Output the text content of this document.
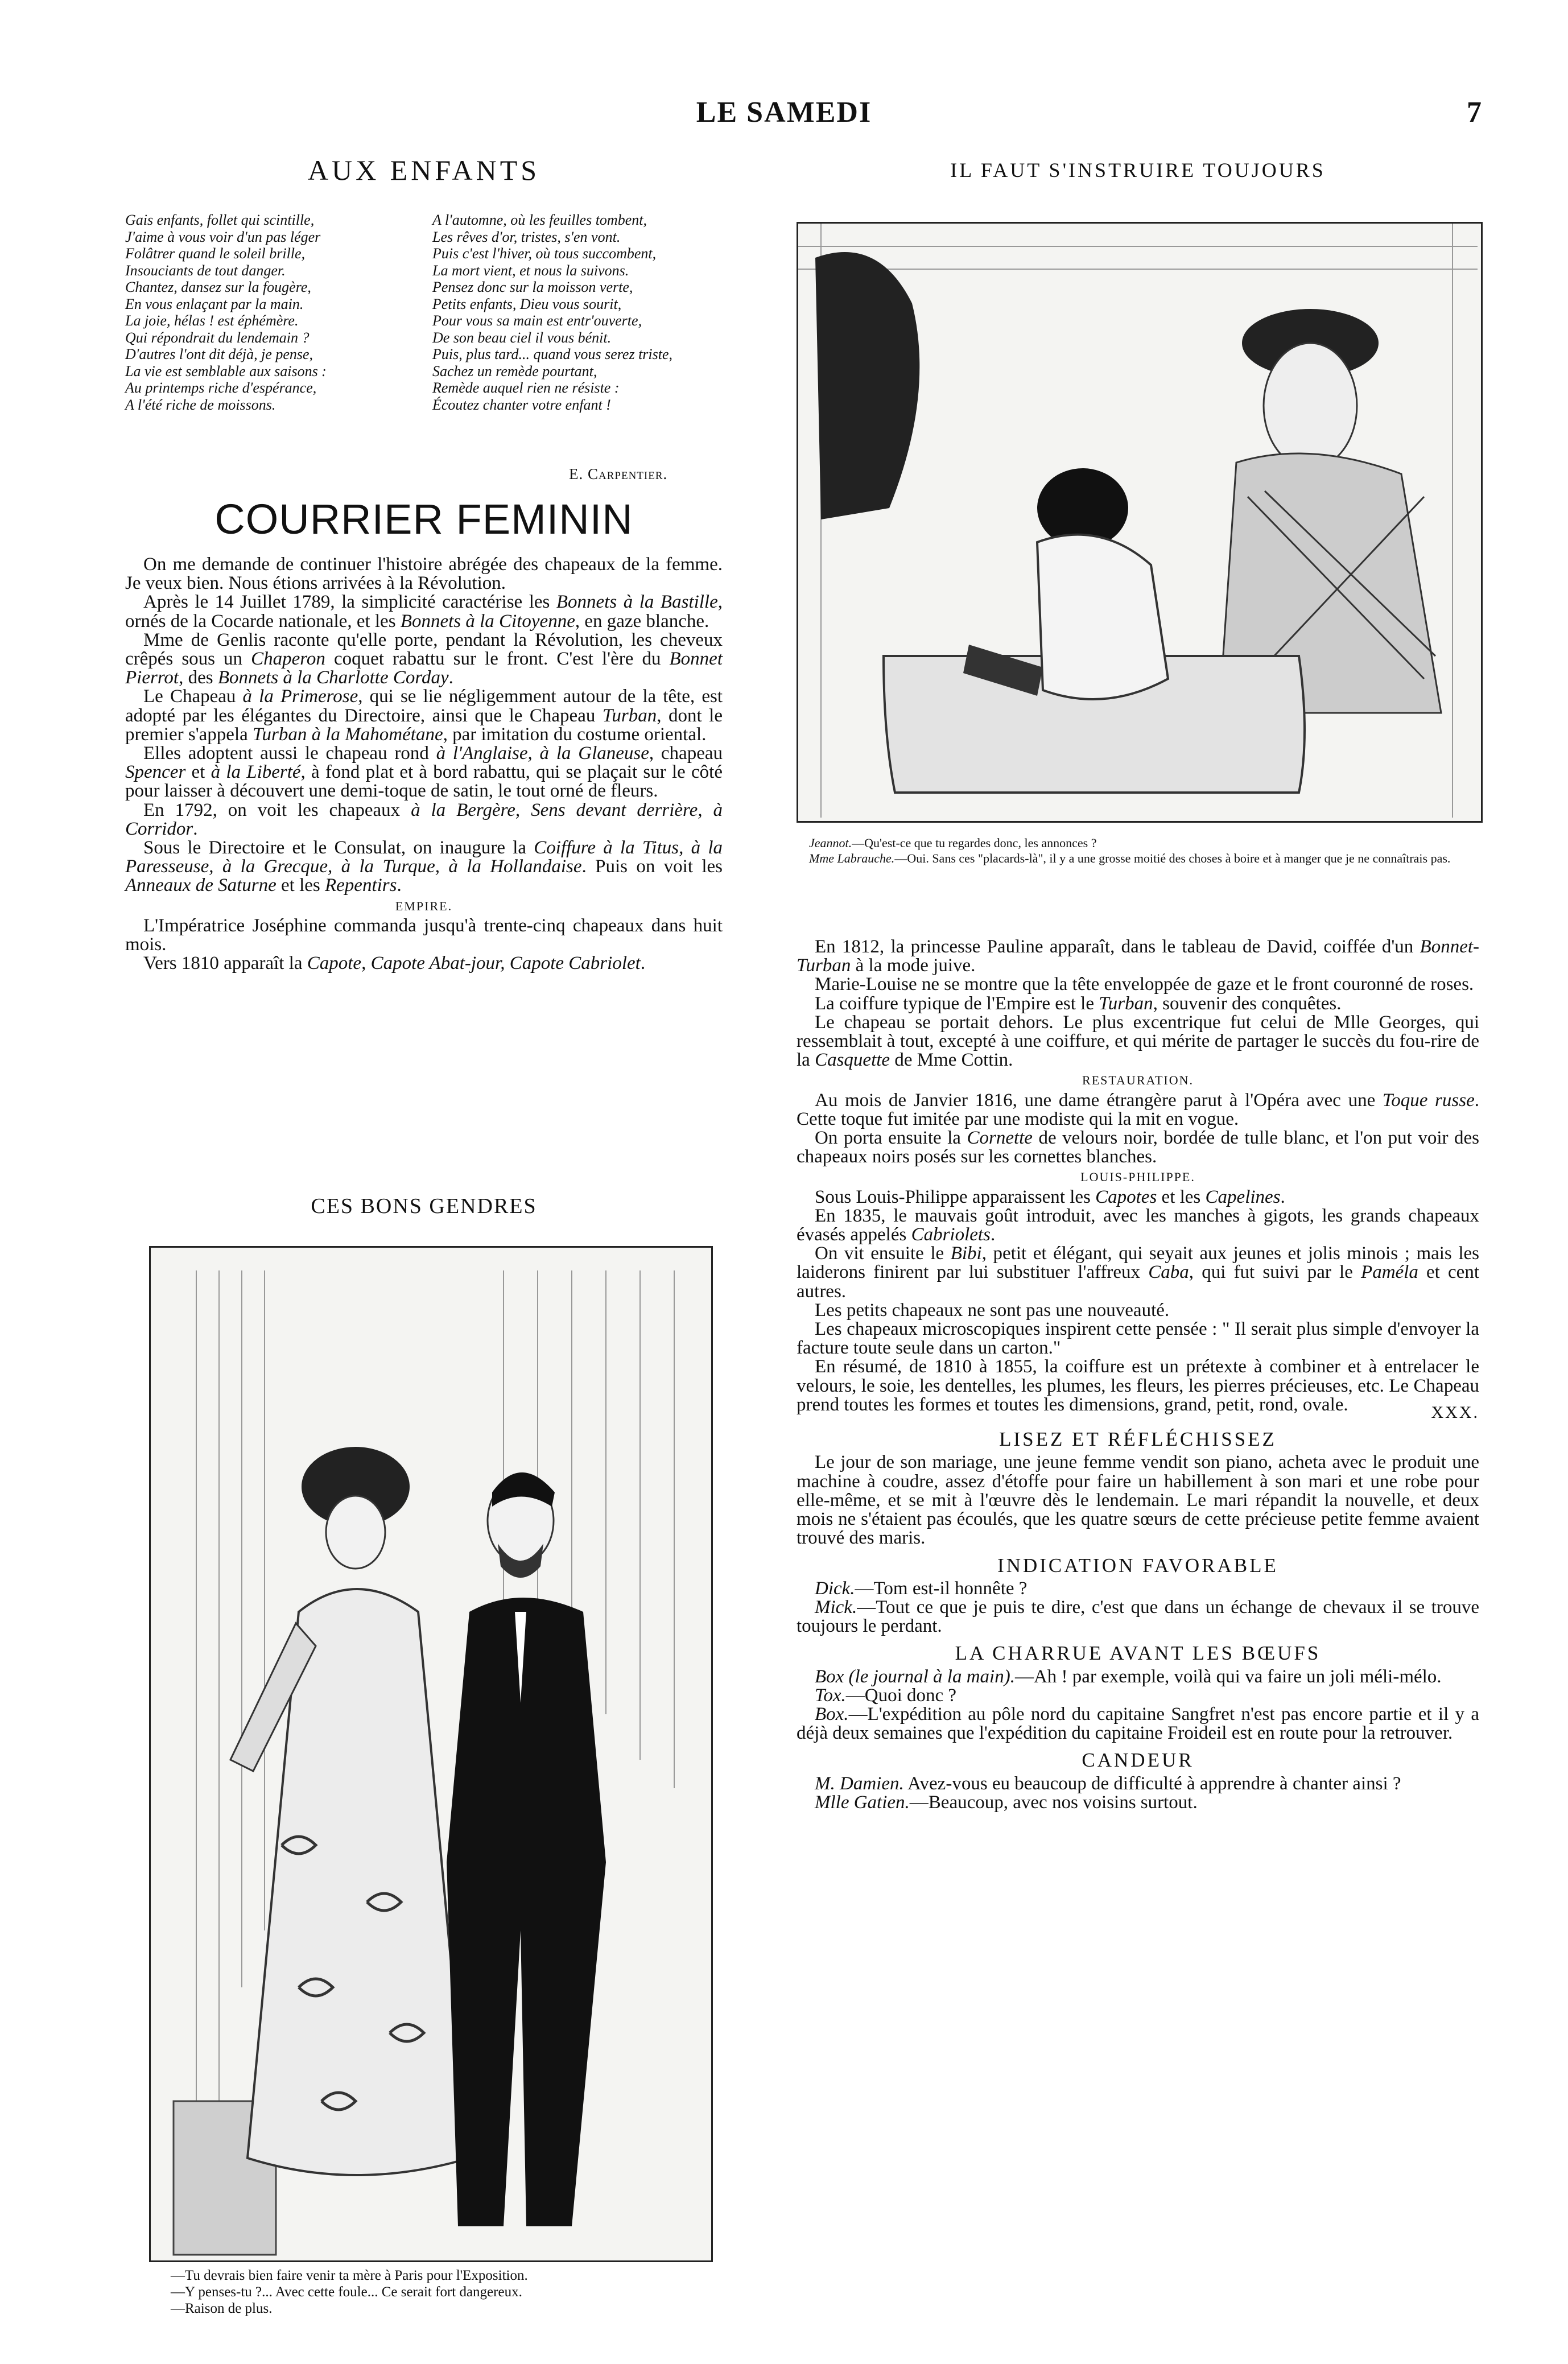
LE SAMEDI	7
AUX ENFANTS
Gais enfants, follet qui scintille,
J'aime à vous voir d'un pas léger
Folâtrer quand le soleil brille,
Insouciants de tout danger.
Chantez, dansez sur la fougère,
En vous enlaçant par la main.
La joie, hélas ! est éphémère.
Qui répondrait du lendemain ?
D'autres l'ont dit déjà, je pense,
La vie est semblable aux saisons :
Au printemps riche d'espérance,
A l'été riche de moissons.
A l'automne, où les feuilles tombent,
Les rêves d'or, tristes, s'en vont.
Puis c'est l'hiver, où tous succombent,
La mort vient, et nous la suivons.
Pensez donc sur la moisson verte,
Petits enfants, Dieu vous sourit,
Pour vous sa main est entr'ouverte,
De son beau ciel il vous bénit.
Puis, plus tard... quand vous serez triste,
Sachez un remède pourtant,
Remède auquel rien ne résiste :
Écoutez chanter votre enfant !
E. Carpentier.
COURRIER FEMININ

On me demande de continuer l'histoire abrégée des chapeaux de la femme. Je veux bien. Nous étions arrivées à la Révolution.

Après le 14 Juillet 1789, la simplicité caractérise les Bonnets à la Bastille, ornés de la Cocarde nationale, et les Bonnets à la Citoyenne, en gaze blanche.

Mme de Genlis raconte qu'elle porte, pendant la Révolution, les cheveux crêpés sous un Chaperon coquet rabattu sur le front. C'est l'ère du Bonnet Pierrot, des Bonnets à la Charlotte Corday.

Le Chapeau à la Primerose, qui se lie négligemment autour de la tête, est adopté par les élégantes du Directoire, ainsi que le Chapeau Turban, dont le premier s'appela Turban à la Mahométane, par imitation du costume oriental.

Elles adoptent aussi le chapeau rond à l'Anglaise, à la Glaneuse, chapeau Spencer et à la Liberté, à fond plat et à bord rabattu, qui se plaçait sur le côté pour laisser à découvert une demi-toque de satin, le tout orné de fleurs.

En 1792, on voit les chapeaux à la Bergère, Sens devant derrière, à Corridor.

Sous le Directoire et le Consulat, on inaugure la Coiffure à la Titus, à la Paresseuse, à la Grecque, à la Turque, à la Hollandaise. Puis on voit les Anneaux de Saturne et les Repentirs.

EMPIRE.

L'Impératrice Joséphine commanda jusqu'à trente-cinq chapeaux dans huit mois.

Vers 1810 apparaît la Capote, Capote Abat-jour, Capote Cabriolet.

CES BONS GENDRES
—Tu devrais bien faire venir ta mère à Paris pour l'Exposition.
—Y penses-tu ?... Avec cette foule... Ce serait fort dangereux.
—Raison de plus.
IL FAUT S'INSTRUIRE TOUJOURS

Jeannot.—Qu'est-ce que tu regardes donc, les annonces ?

Mme Labrauche.—Oui. Sans ces "placards-là", il y a une grosse moitié des choses à boire et à manger que je ne connaîtrais pas.

En 1812, la princesse Pauline apparaît, dans le tableau de David, coiffée d'un Bonnet-Turban à la mode juive.

Marie-Louise ne se montre que la tête enveloppée de gaze et le front couronné de roses.

La coiffure typique de l'Empire est le Turban, souvenir des conquêtes.

Le chapeau se portait dehors. Le plus excentrique fut celui de Mlle Georges, qui ressemblait à tout, excepté à une coiffure, et qui mérite de partager le succès du fou-rire de la Casquette de Mme Cottin.

RESTAURATION.

Au mois de Janvier 1816, une dame étrangère parut à l'Opéra avec une Toque russe. Cette toque fut imitée par une modiste qui la mit en vogue.

On porta ensuite la Cornette de velours noir, bordée de tulle blanc, et l'on put voir des chapeaux noirs posés sur les cornettes blanches.

LOUIS-PHILIPPE.

Sous Louis-Philippe apparaissent les Capotes et les Capelines.

En 1835, le mauvais goût introduit, avec les manches à gigots, les grands chapeaux évasés appelés Cabriolets.

On vit ensuite le Bibi, petit et élégant, qui seyait aux jeunes et jolis minois ; mais les laiderons finirent par lui substituer l'affreux Caba, qui fut suivi par le Paméla et cent autres.

Les petits chapeaux ne sont pas une nouveauté.

Les chapeaux microscopiques inspirent cette pensée : " Il serait plus simple d'envoyer la facture toute seule dans un carton."

En résumé, de 1810 à 1855, la coiffure est un prétexte à combiner et à entrelacer le velours, le soie, les dentelles, les plumes, les fleurs, les pierres précieuses, etc. Le Chapeau prend toutes les formes et toutes les dimensions, grand, petit, rond, ovale.	XXX.

LISEZ ET RÉFLÉCHISSEZ

Le jour de son mariage, une jeune femme vendit son piano, acheta avec le produit une machine à coudre, assez d'étoffe pour faire un habillement à son mari et une robe pour elle-même, et se mit à l'œuvre dès le lendemain. Le mari répandit la nouvelle, et deux mois ne s'étaient pas écoulés, que les quatre sœurs de cette précieuse petite femme avaient trouvé des maris.

INDICATION FAVORABLE

Dick.—Tom est-il honnête ?

Mick.—Tout ce que je puis te dire, c'est que dans un échange de chevaux il se trouve toujours le perdant.

LA CHARRUE AVANT LES BŒUFS

Box (le journal à la main).—Ah ! par exemple, voilà qui va faire un joli méli-mélo.

Tox.—Quoi donc ?

Box.—L'expédition au pôle nord du capitaine Sangfret n'est pas encore partie et il y a déjà deux semaines que l'expédition du capitaine Froideil est en route pour la retrouver.

CANDEUR

M. Damien. Avez-vous eu beaucoup de difficulté à apprendre à chanter ainsi ?

Mlle Gatien.—Beaucoup, avec nos voisins surtout.
